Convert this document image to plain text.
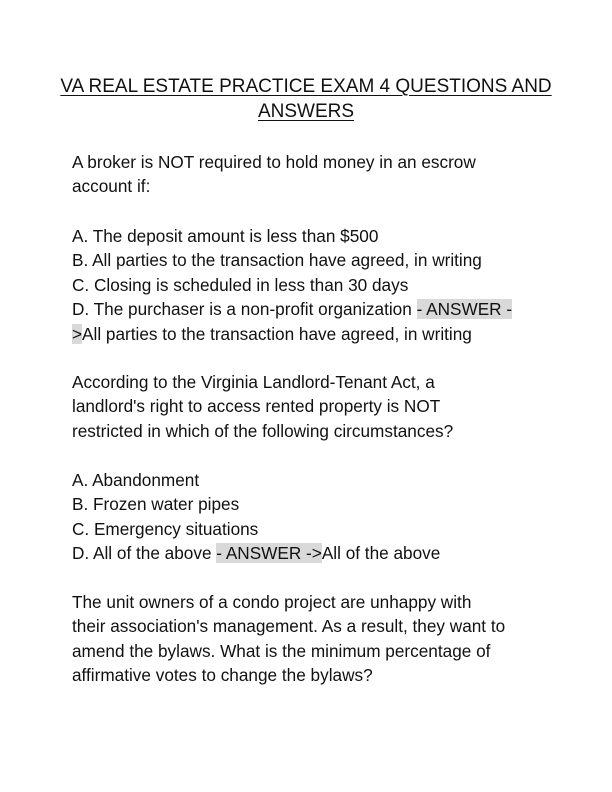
VA REAL ESTATE PRACTICE EXAM 4 QUESTIONS AND
ANSWERS
A broker is NOT required to hold money in an escrow
account if:
A. The deposit amount is less than $500
B. All parties to the transaction have agreed, in writing
C. Closing is scheduled in less than 30 days
D. The purchaser is a non-profit organization - ANSWER -
>All parties to the transaction have agreed, in writing
According to the Virginia Landlord-Tenant Act, a
landlord's right to access rented property is NOT
restricted in which of the following circumstances?
A. Abandonment
B. Frozen water pipes
C. Emergency situations
D. All of the above - ANSWER ->All of the above
The unit owners of a condo project are unhappy with
their association's management. As a result, they want to
amend the bylaws. What is the minimum percentage of
affirmative votes to change the bylaws?
